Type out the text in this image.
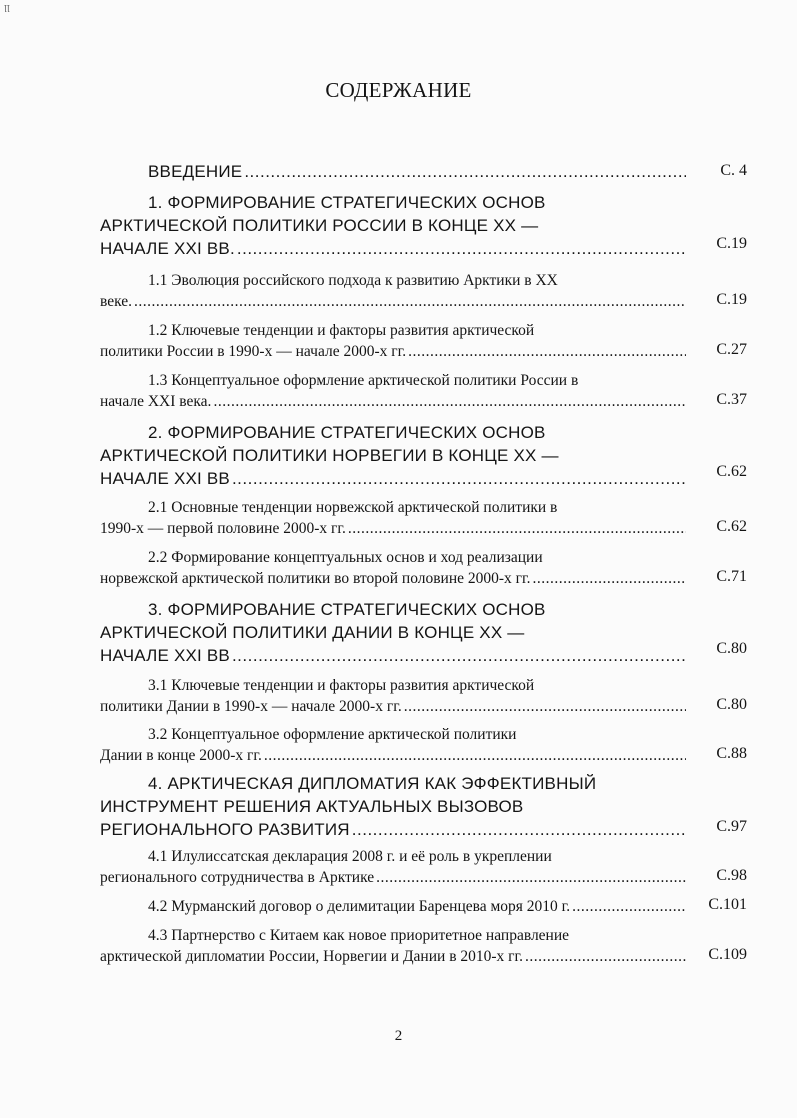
ꞁꞁ
СОДЕРЖАНИЕ
ВВЕДЕНИЕ .....	С. 4
1. ФОРМИРОВАНИЕ СТРАТЕГИЧЕСКИХ ОСНОВ
АРКТИЧЕСКОЙ ПОЛИТИКИ РОССИИ В КОНЦЕ XX —
НАЧАЛЕ XXI ВВ. .....	С.19
1.1 Эволюция российского подхода к развитию Арктики в XX
веке. .....	С.19
1.2 Ключевые тенденции и факторы развития арктической
политики России в 1990-х — начале 2000-х гг. .....	С.27
1.3 Концептуальное оформление арктической политики России в
начале XXI века. .....	С.37
2. ФОРМИРОВАНИЕ СТРАТЕГИЧЕСКИХ ОСНОВ
АРКТИЧЕСКОЙ ПОЛИТИКИ НОРВЕГИИ В КОНЦЕ XX —
НАЧАЛЕ XXI ВВ .....	С.62
2.1 Основные тенденции норвежской арктической политики в
1990-х — первой половине 2000-х гг. .....	С.62
2.2 Формирование концептуальных основ и ход реализации
норвежской арктической политики во второй половине 2000-х гг. .....	С.71
3. ФОРМИРОВАНИЕ СТРАТЕГИЧЕСКИХ ОСНОВ
АРКТИЧЕСКОЙ ПОЛИТИКИ ДАНИИ В КОНЦЕ XX —
НАЧАЛЕ XXI ВВ .....	С.80
3.1 Ключевые тенденции и факторы развития арктической
политики Дании в 1990-х — начале 2000-х гг. .....	С.80
3.2 Концептуальное оформление арктической политики
Дании в конце 2000-х гг. .....	С.88
4. АРКТИЧЕСКАЯ ДИПЛОМАТИЯ КАК ЭФФЕКТИВНЫЙ
ИНСТРУМЕНТ РЕШЕНИЯ АКТУАЛЬНЫХ ВЫЗОВОВ
РЕГИОНАЛЬНОГО РАЗВИТИЯ .....	С.97
4.1 Илулиссатская декларация 2008 г. и её роль в укреплении
регионального сотрудничества в Арктике .....	С.98
4.2 Мурманский договор о делимитации Баренцева моря 2010 г. .....	С.101
4.3 Партнерство с Китаем как новое приоритетное направление
арктической дипломатии России, Норвегии и Дании в 2010-х гг. .....	С.109
2
